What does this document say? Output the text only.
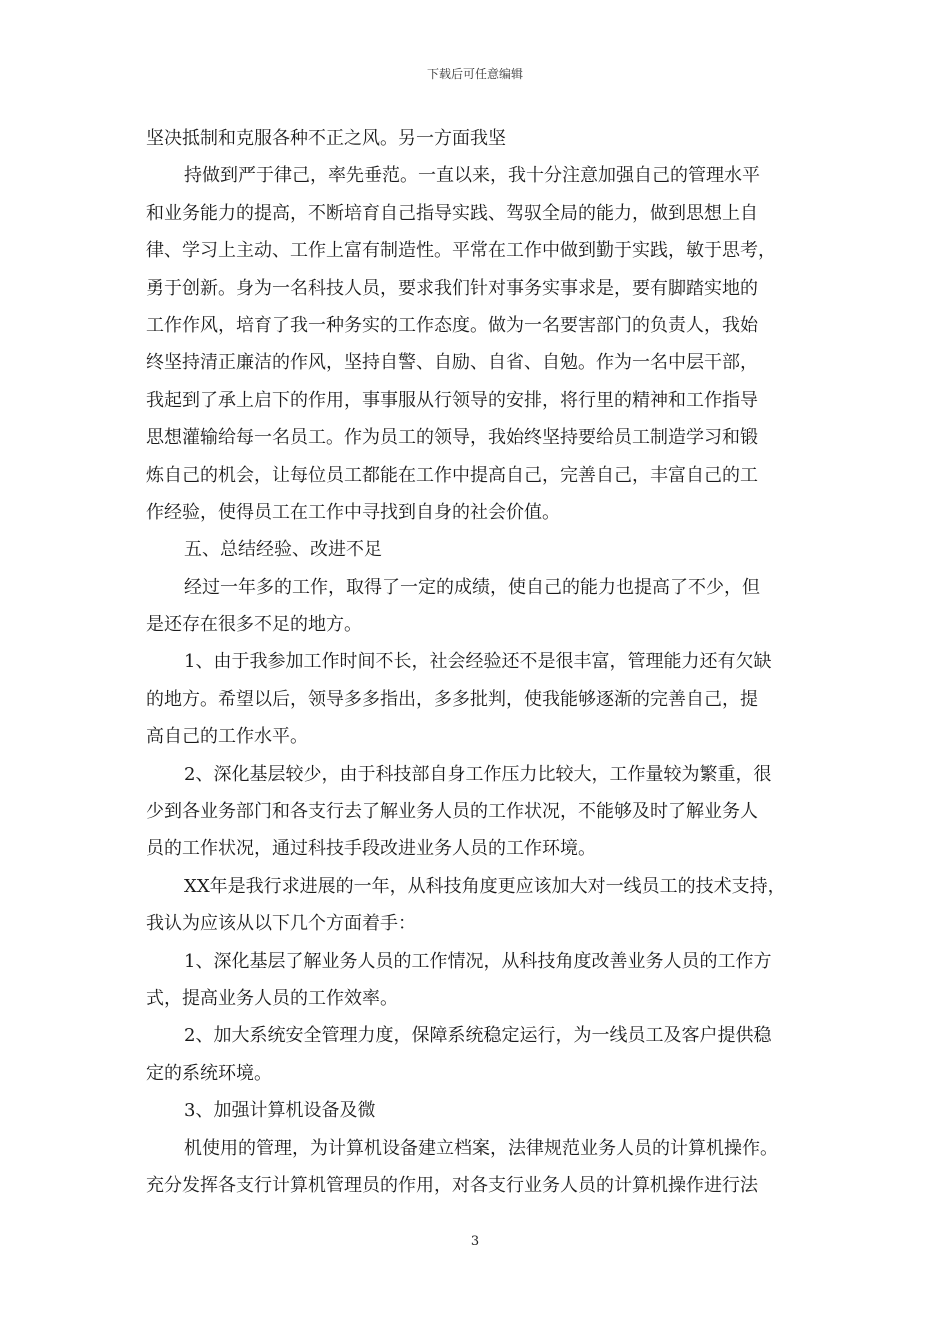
下载后可任意编辑
坚决抵制和克服各种不正之风。另一方面我坚
持做到严于律己，率先垂范。一直以来，我十分注意加强自己的管理水平
和业务能力的提高，不断培育自己指导实践、驾驭全局的能力，做到思想上自
律、学习上主动、工作上富有制造性。平常在工作中做到勤于实践，敏于思考，
勇于创新。身为一名科技人员，要求我们针对事务实事求是，要有脚踏实地的
工作作风，培育了我一种务实的工作态度。做为一名要害部门的负责人，我始
终坚持清正廉洁的作风，坚持自警、自励、自省、自勉。作为一名中层干部，
我起到了承上启下的作用，事事服从行领导的安排，将行里的精神和工作指导
思想灌输给每一名员工。作为员工的领导，我始终坚持要给员工制造学习和锻
炼自己的机会，让每位员工都能在工作中提高自己，完善自己，丰富自己的工
作经验，使得员工在工作中寻找到自身的社会价值。
五、总结经验、改进不足
经过一年多的工作，取得了一定的成绩，使自己的能力也提高了不少，但
是还存在很多不足的地方。
1、由于我参加工作时间不长，社会经验还不是很丰富，管理能力还有欠缺
的地方。希望以后，领导多多指出，多多批判，使我能够逐渐的完善自己，提
高自己的工作水平。
2、深化基层较少，由于科技部自身工作压力比较大，工作量较为繁重，很
少到各业务部门和各支行去了解业务人员的工作状况，不能够及时了解业务人
员的工作状况，通过科技手段改进业务人员的工作环境。
XX年是我行求进展的一年，从科技角度更应该加大对一线员工的技术支持，
我认为应该从以下几个方面着手：
1、深化基层了解业务人员的工作情况，从科技角度改善业务人员的工作方
式，提高业务人员的工作效率。
2、加大系统安全管理力度，保障系统稳定运行，为一线员工及客户提供稳
定的系统环境。
3、加强计算机设备及微
机使用的管理，为计算机设备建立档案，法律规范业务人员的计算机操作。
充分发挥各支行计算机管理员的作用，对各支行业务人员的计算机操作进行法
3
